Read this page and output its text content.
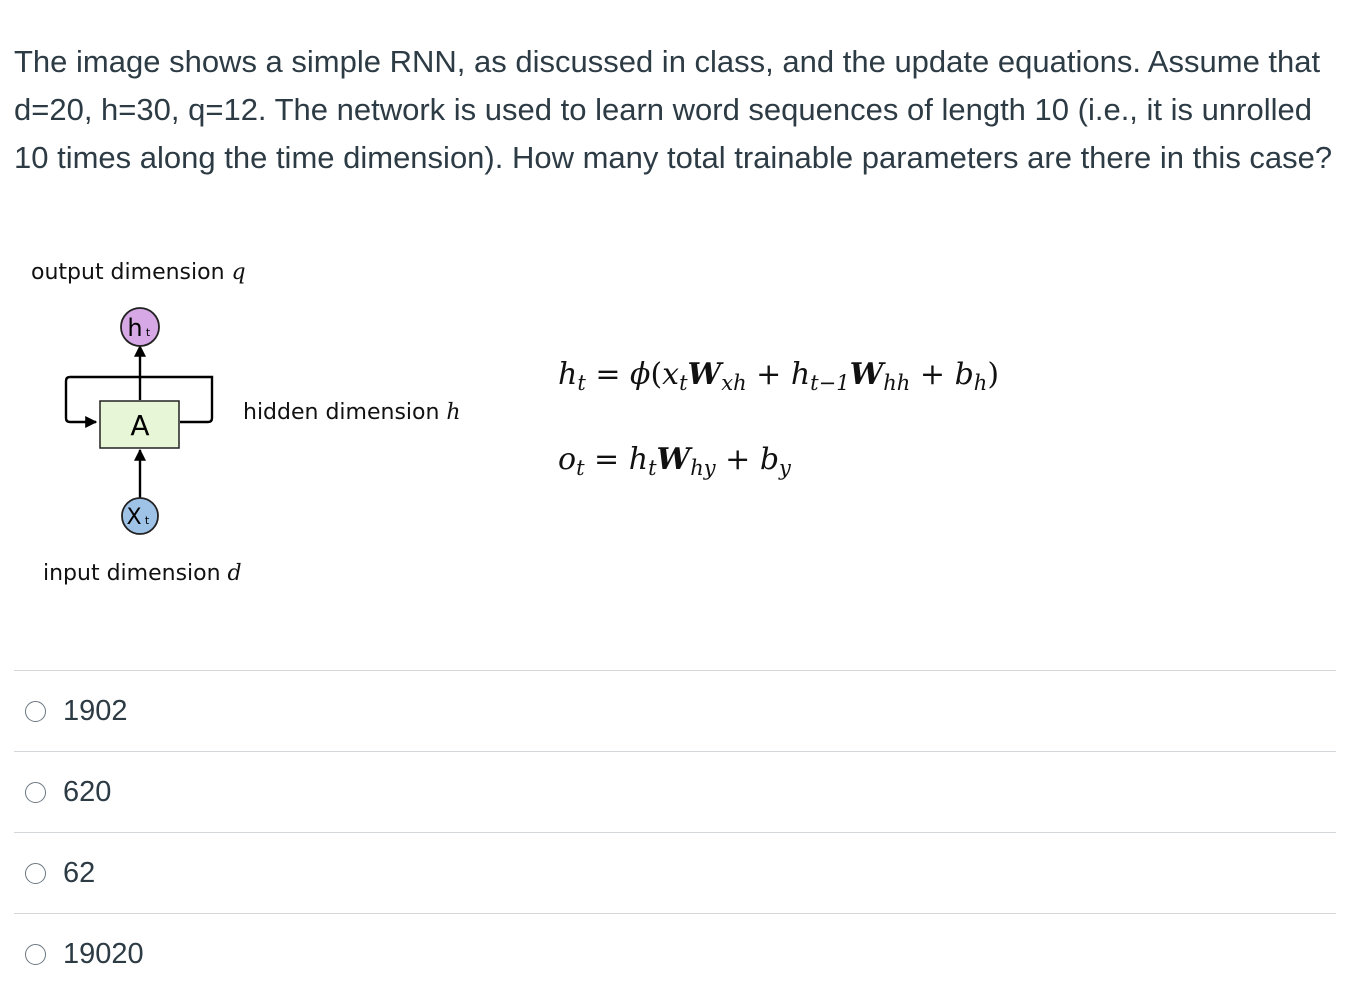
The image shows a simple RNN, as discussed in class, and the update equations. Assume that d=20, h=30, q=12. The network is used to learn word sequences of length 10 (i.e., it is unrolled 10 times along the time dimension). How many total trainable parameters are there in this case?

output dimension q
A
h t
X t
hidden dimension h
input dimension d
$h_t = \phi(x_tW_{xh} + h_{t-1}W_{hh} + b_h)$
$o_t = h_tW_{hy} + b_y$
1902
620
62
19020
